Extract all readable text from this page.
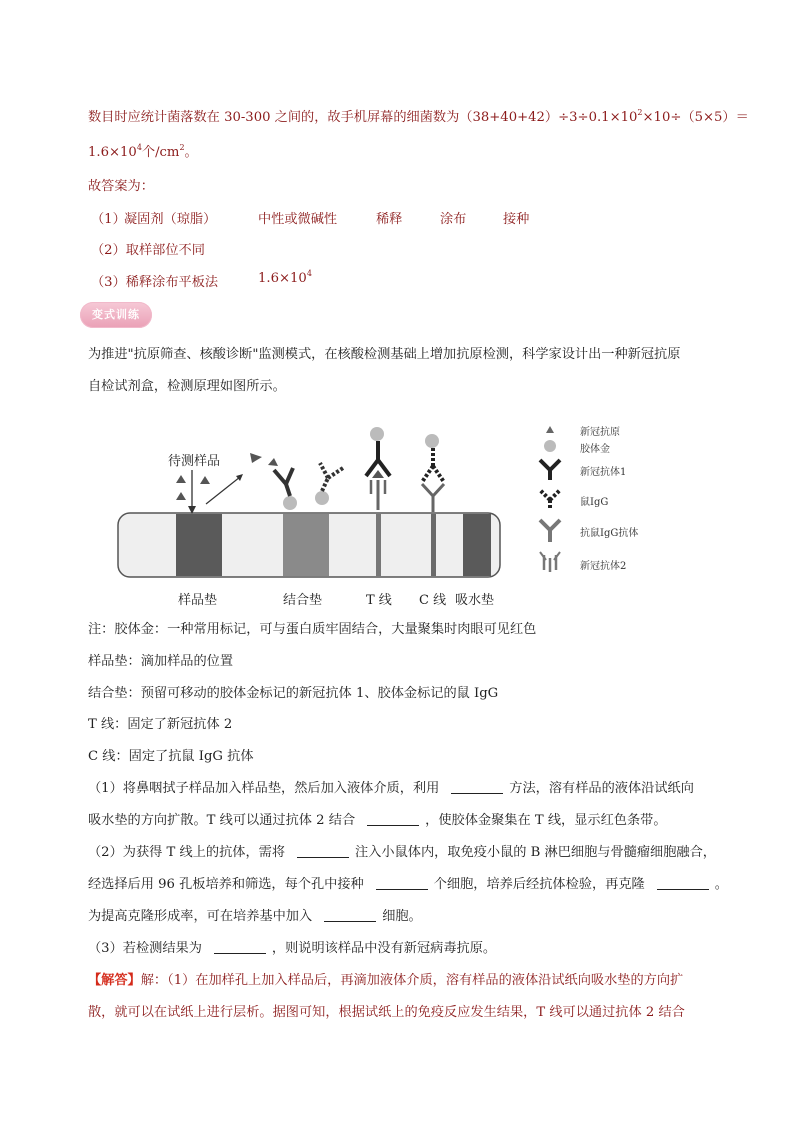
数目时应统计菌落数在 30-300 之间的，故手机屏幕的细菌数为$(38+40+42)\div 3\div 0.1\times 10^2\times 10\div(5\times 5)=$
$1.6\times 10^4$个$/cm^2$。
故答案为：
（1）
凝固剂（琼脂）	中性或微碱性	稀释	涂布	接种
（2）取样部位不同
（3）稀释涂布平板法	$1.6\times 10^4$
变式训练
为推进"抗原筛查、核酸诊断"监测模式，在核酸检测基础上增加抗原检测，科学家设计出一种新冠抗原
自检试剂盒，检测原理如图所示。
待测样品
样品垫	结合垫	T 线 C 线 吸水垫
新冠抗原
胶体金
新冠抗体1
鼠IgG
抗鼠IgG抗体
新冠抗体2
注：胶体金：一种常用标记，可与蛋白质牢固结合，大量聚集时肉眼可见红色
样品垫：滴加样品的位置
结合垫：预留可移动的胶体金标记的新冠抗体 1、胶体金标记的鼠 IgG
T 线：固定了新冠抗体 2
C 线：固定了抗鼠 IgG 抗体
（1）将鼻咽拭子样品加入样品垫，然后加入液体介质，利用	方法，溶有样品的液体沿试纸向
吸水垫的方向扩散。T 线可以通过抗体 2 结合	，使胶体金聚集在 T 线，显示红色条带。
（2）为获得 T 线上的抗体，需将	注入小鼠体内，取免疫小鼠的 B 淋巴细胞与骨髓瘤细胞融合，
经选择后用 96 孔板培养和筛选，每个孔中接种	个细胞，培养后经抗体检验，再克隆	。
为提高克隆形成率，可在培养基中加入	细胞。
（3）若检测结果为	，则说明该样品中没有新冠病毒抗原。
【解答】解：（1）在加样孔上加入样品后，再滴加液体介质，溶有样品的液体沿试纸向吸水垫的方向扩
散，就可以在试纸上进行层析。据图可知，根据试纸上的免疫反应发生结果，T 线可以通过抗体 2 结合
